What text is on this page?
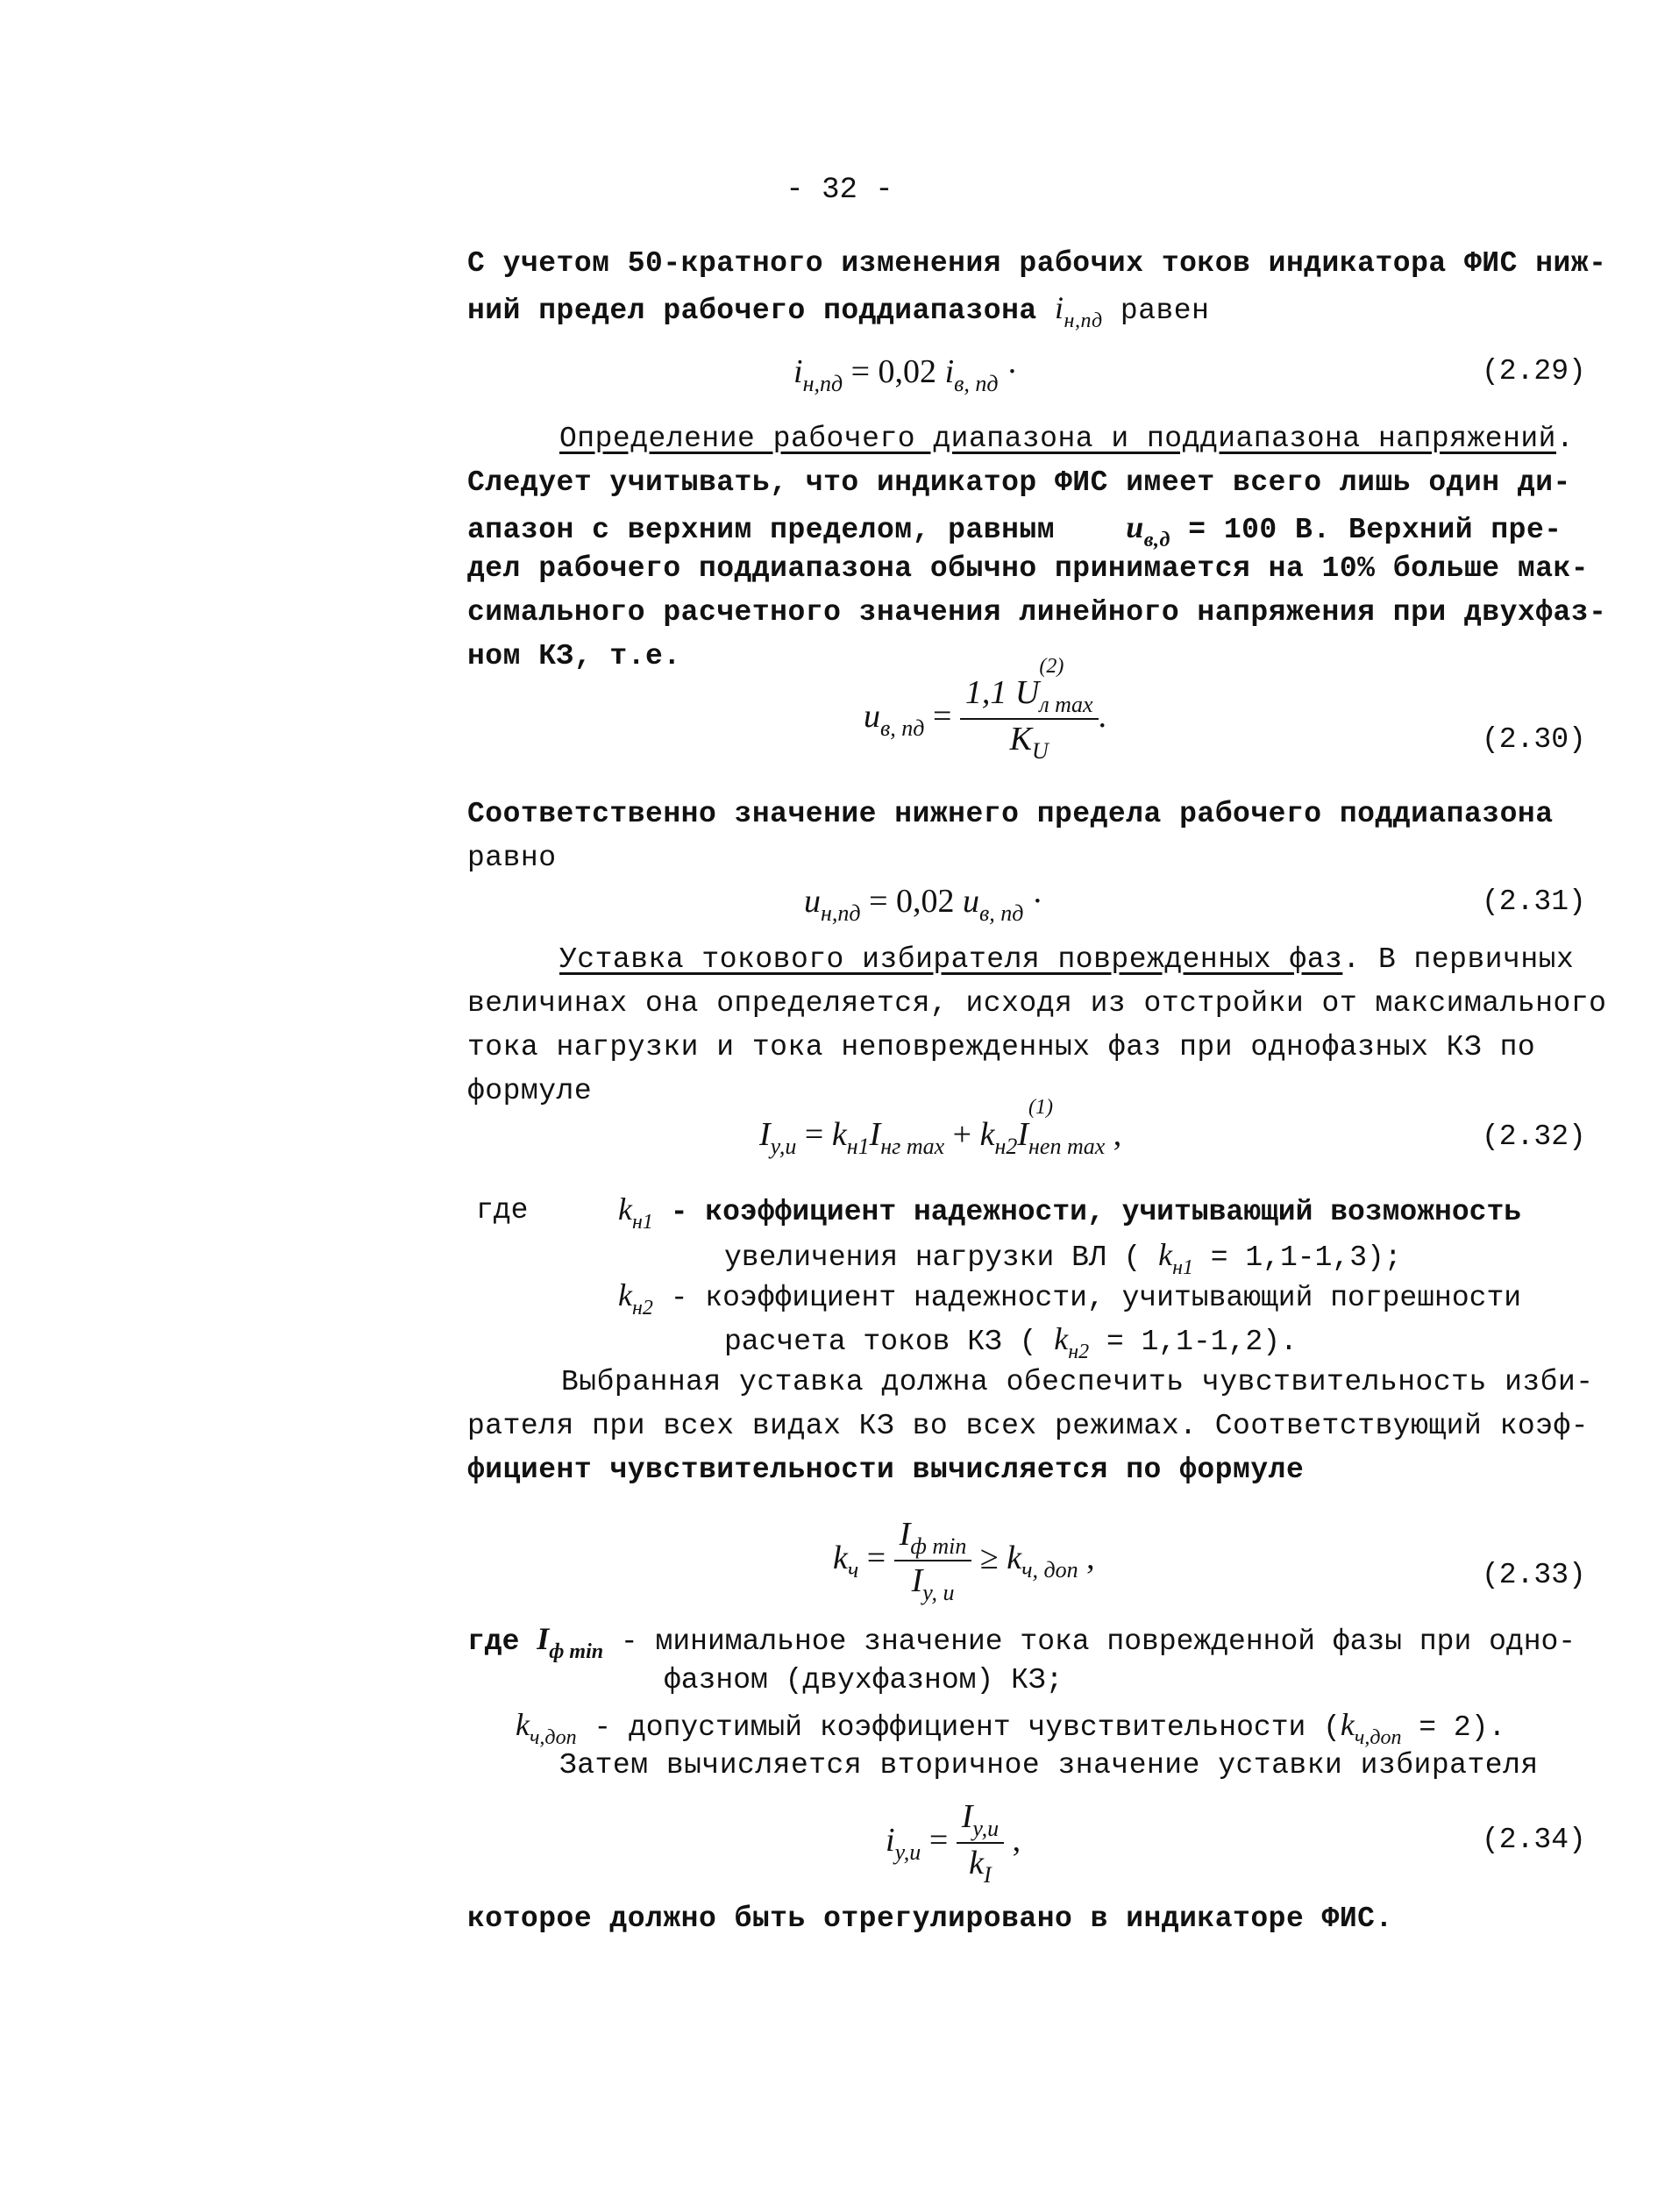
- 32 -
С учетом 50-кратного изменения рабочих токов индикатора ФИС ниж-
ний предел рабочего поддиапазона $i_{н,пд}$ равен
$i_{н,пд} = 0,02$ $i_{в, пд}$ ·	(2.29)
Определение рабочего диапазона и поддиапазона напряжений.
Следует учитывать, что индикатор ФИС имеет всего лишь один ди-
апазон с верхним пределом, равным $u_{в,д} = 100$ В. Верхний пре-
дел рабочего поддиапазона обычно принимается на 10% больше мак-
симального расчетного значения линейного напряжения при двухфаз-
ном КЗ, т.е.
$u_{в, пд} = 1,1$ U
(2)
$_{л max}$
$K_U$ .
(2.30)
Соответственно значение нижнего предела рабочего поддиапазона
равно
$u_{н,пд} = 0,02$ $u_{в, пд}$ ·	(2.31)
Уставка токового избирателя поврежденных фаз. В первичных
величинах она определяется, исходя из отстройки от максимального
тока нагрузки и тока неповрежденных фаз при однофазных КЗ по
формуле
$I_{у,и} = k_{н1}I_{нг max} + k_{н2}I$
(1)
$_{неп max}$ ,	(2.32)
где	$k_{н1}$ - коэффициент надежности, учитывающий возможность
увеличения нагрузки ВЛ ( $k_{н1} = 1,1-1,3$);
$k_{н2}$ - коэффициент надежности, учитывающий погрешности
расчета токов КЗ ( $k_{н2} = 1,1-1,2$).
Выбранная уставка должна обеспечить чувствительность изби-
рателя при всех видах КЗ во всех режимах. Соответствующий коэф-
фициент чувствительности вычисляется по формуле
$k_ч = \frac{I_{ф min}}{I_{у, и}} \ge k_{ч, доп}$ ,	(2.33)
где $I_{ф min}$ - минимальное значение тока поврежденной фазы при одно-
фазном (двухфазном) КЗ;
$k_{ч,доп}$ - допустимый коэффициент чувствительности $(k_{ч,доп} = 2)$.
Затем вычисляется вторичное значение уставки избирателя
$i_{у,и} = \frac{I_{у,и}}{k_I}$ ,	(2.34)
которое должно быть отрегулировано в индикаторе ФИС.
